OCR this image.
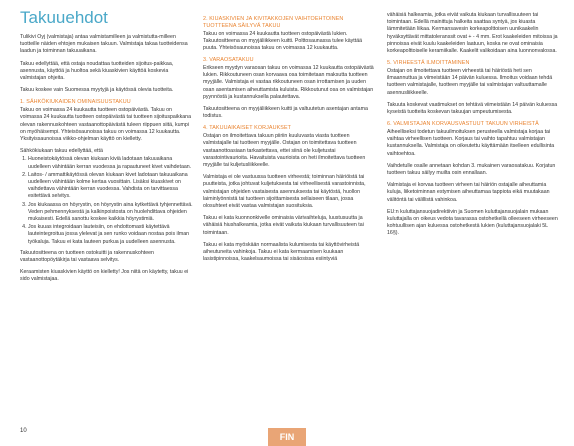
Takuuehdot

Tulikivi Oyj (valmistaja) antaa valmistamilleen ja valmistutta-milleen tuotteille näiden ehtojen mukaisen takuun. Valmistaja takaa tuotteidensa laadun ja toiminnan takuuaikana.

Takuu edellyttää, että ostaja noudattaa tuotteiden sijoitus-paikkaa, asennusta, käyttöä ja huoltoa sekä kiuaskivien käyttöä koskevia valmistajan ohjeita.

Takuu koskee vain Suomessa myytyjä ja käytössä olevia tuotteita.

1. SÄHKÖKIUKAIDEN OMINAISUUSTAKUU

Takuu on voimassa 24 kuukautta tuotteen ostopäivästä. Takuu on voimassa 24 kuukautta tuotteen ostopäivästä tai tuotteen sijoituspaikkana olevan rakennuskohteen vastaanottopäivästä tuleen riippuen siitä, kumpi on myöhäisempi. Yhteisösaunoissa takuu on voimassa 12 kuukautta. Yksityissaunoissa viikko-ohjelman käyttö on kielletty.

Sähkökiukaan takuu edellyttää, että

1. Huoneistokäytössä olevan kiukaan kiviä ladotaan takuuaikana uudelleen vähintään kerran vuodessa ja rapautuneet kivet vaihdetaan.
2. Laitos- / ammattikäytössä olevan kiukaan kivet ladotaan takuuaikana uudelleen vähintään kolme kertaa vuosittain. Lisäksi kiuaskivet on vaihdettava vähintään kerran vuodessa. Vahdista on tarvittaessa esitettävä selvitys.
3. Jos kiukaassa on höyrystin, on höyrystin aina kytkettävä tyhjennettävä. Veden pehmennyksestä ja kalkinpoistosta on huolehdittava ohjeiden mukaisesti. Edellä sanottu koskee kaikkia höyrystimiä.
4. Jos kuuas integroidaan lauteisiin, on ehdottomasti käytettävä lauteintegroitua jossa ylelevat ja sen runko voidaan nostaa pois ilman työkaluja. Takuu ei kata lauteen purkua ja uudelleen asennusta.

Takuutositteena on tuotteen ostokuitti ja rakennuskohteen vastaanottopöytäkirja tai vastaava selvitys.

Keraamisten kiuaskivien käyttö on kielletty! Jos niitä on käytetty, takuu ei sido valmistajaa.

2. KIUASKIVIEN JA KIVITAKKOJEN VAIHTOEHTOINEN TUOTTEENA SÄILYVÄ TAKUU

Takuu on voimassa 24 kuukautta tuotteen ostopäivästä lukien. Takuutositteena on myyjäliikkeen kuitti. Polttosaunassa tulee käyttää puuta. Yhteisösaunoissa takuu on voimassa 12 kuukautta.

3. VARAOSATAKUU

Erikseen myydyn varaosan takuu on voimassa 12 kuukautta ostopäivästä lukien. Rikkoutuneen osan korvaava osa toimitetaan maksutta tuotteen myyjälle. Valmistaja ei vastaa rikkoutuneen osan irrottamisen ja uuden osan asentamisen aiheuttamista kuluista. Rikkoutunut osa on valmistajan pyynnöstä ja kustannuksella palautettava.

Takuutositteena on myyjäliikkeen kuitti ja valtuutetun asentajan antama todistus.

4. TAKUUAIKAISET KORJAUKSET

Ostajan on ilmoitettava takuun piiriin kuuluvasta viasta tuotteen valmistajalle tai tuotteen myyjälle. Ostajan on toimitettava tuotteen vastaanottoasiaan tarkastettava, ettei siinä ole kuljetustai varastointivaurioita. Havaituista vaurioista on heti ilmoitettava tuotteen myyjälle tai kuljetusliikkeelle.

Valmistaja ei ole vastuussa tuotteen virheestä; toiminnan häiriöistä tai puutteista, jotka johtuvat kuljetuksesta tai virheellisestä varastoinnista, valmistajan ohjeiden vastaisesta asennuksesta tai käytöstä, huollon laiminlyönnistä tai tuotteen sijoittamisesta sellaiseen tilaan, jossa olosuhteet eivät vastaa valmistajan suosituksia.

Takuu ei kata kuonnonkivelle ominaisia värivaihteluja, luustusuutta ja vähäisiä hiushalkeamia, jotka eivät vaikuta kiukaan turvallisuuteen tai toimintaan.

Takuu ei kata myöskään normaalista kulumisesta tai käyttövirheistä aiheutuneita vahinkoja. Takuu ei kata kermaamisen kuukaan lasistipinnoissa, kaakelsaumoissa tai sisäosissa esiintyviä

vähäisiä halkeamia, jotka eivät vaikuta kiukaan turvallisuuteen tai toimintaan. Edellä mainittuja halkeita saattaa syntyä, jos kiuasta lämmitetään liikaa. Kermansavesin korkeapolttoisen uunikaakelin hyväksyttävät mittatoleranssit ovat + - 4 mm. Erot kaakeleiden mitoissa ja pinnoissa eivät kuulu kaakeleiden laatuun, koska ne ovat ominaisia korkeapolttoiselle keramiikalle. Kaakelit valikoidaan aina luonnonvalossa.

5. VIRHEESTÄ ILMOITTAMINEN

Ostajan on ilmoitettava tuotteen virheestä tai häiriöstä heti sen ilmaannuttua ja viimeistään 14 päivän kuluessa. Ilmoitus voidaan tehdä tuotteen valmistajalle, tuotteen myyjälle tai valmistajan valtuuttamalle asennusliikkeelle.

Takuuta koskevat vaatimukset on tehtävä viimeistään 14 päivän kuluessa kyseistä tuotteita koskevan takuujan umpeutumisesta.

6. VALMISTAJAN KORVAUSVASTUUT TAKUUN VIRHEISTÄ

Aiheelliseksi todetun takuuilmoituksen perusteella valmistaja korjaa tai vaihtaa virheellisen tuotteen. Korjaus tai vaihto tapahtuu valmistajan kustannuksella. Valmistaja on oikeutettu käyttämään itselleen edullisinta vaihtoehtoa.

Vaihdetulle osalle annetaan kohdan 3. mukainen varaosatakuu. Korjatun tuotteen takuu säilyy muilta osin ennallaan.

Valmistaja ei korvaa tuotteen virheen tai häiriön ostajalle aiheuttamia kuluja, liiketoiminnan estymisen aiheuttamaa tappiota eikä muutakaan välitöntä tai välillistä vahinkoa.

EU:n kuluttajansuojadirektiivin ja Suomen kuluttajansuojalain mukaan kuluttajalla on oikeus vedota tavarassa ostohetkellä olleeseen virheeseen kohtuullisen ajan kuluessa ostohetkestä lukien (kuluttajansuojalaki 5L 16§).

10
FIN
